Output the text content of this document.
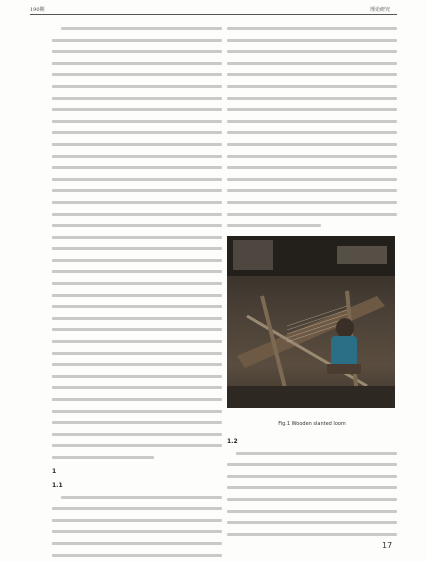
190期	理论研究
1
1.1
Fig.1 Wooden slanted loom
1.2
17
